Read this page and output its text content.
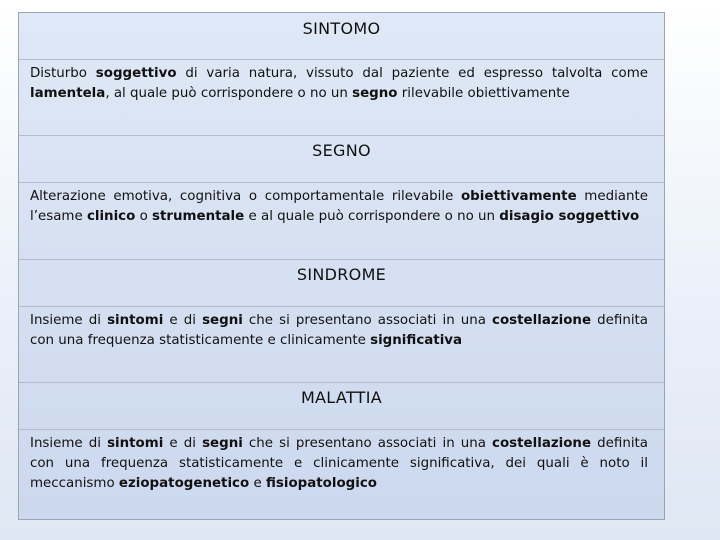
SINTOMO
Disturbo soggettivo di varia natura, vissuto dal paziente ed espresso talvolta come lamentela, al quale può corrispondere o no un segno rilevabile obiettivamente
SEGNO
Alterazione emotiva, cognitiva o comportamentale rilevabile obiettivamente mediante l’esame clinico o strumentale e al quale può corrispondere o no un disagio soggettivo
SINDROME
Insieme di sintomi e di segni che si presentano associati in una costellazione definita con una frequenza statisticamente e clinicamente significativa
MALATTIA
Insieme di sintomi e di segni che si presentano associati in una costellazione definita con una frequenza statisticamente e clinicamente significativa, dei quali è noto il meccanismo eziopatogenetico e fisiopatologico
